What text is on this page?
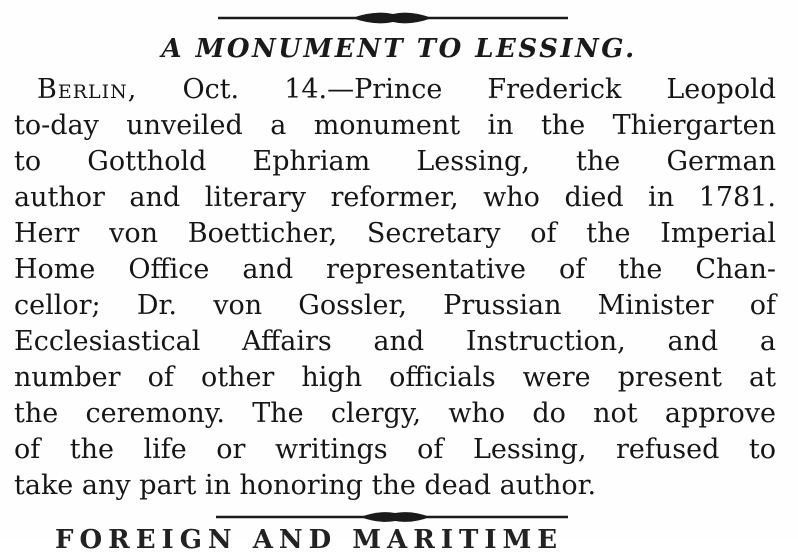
A MONUMENT TO LESSING.
Berlin, Oct. 14.—Prince Frederick Leopold
to-day unveiled a monument in the Thiergarten
to Gotthold Ephriam Lessing, the German
author and literary reformer, who died in 1781.
Herr von Boetticher, Secretary of the Imperial
Home Office and representative of the Chan-
cellor; Dr. von Gossler, Prussian Minister of
Ecclesiastical Affairs and Instruction, and a
number of other high officials were present at
the ceremony. The clergy, who do not approve
of the life or writings of Lessing, refused to
take any part in honoring the dead author.
FOREIGN AND MARITIME
